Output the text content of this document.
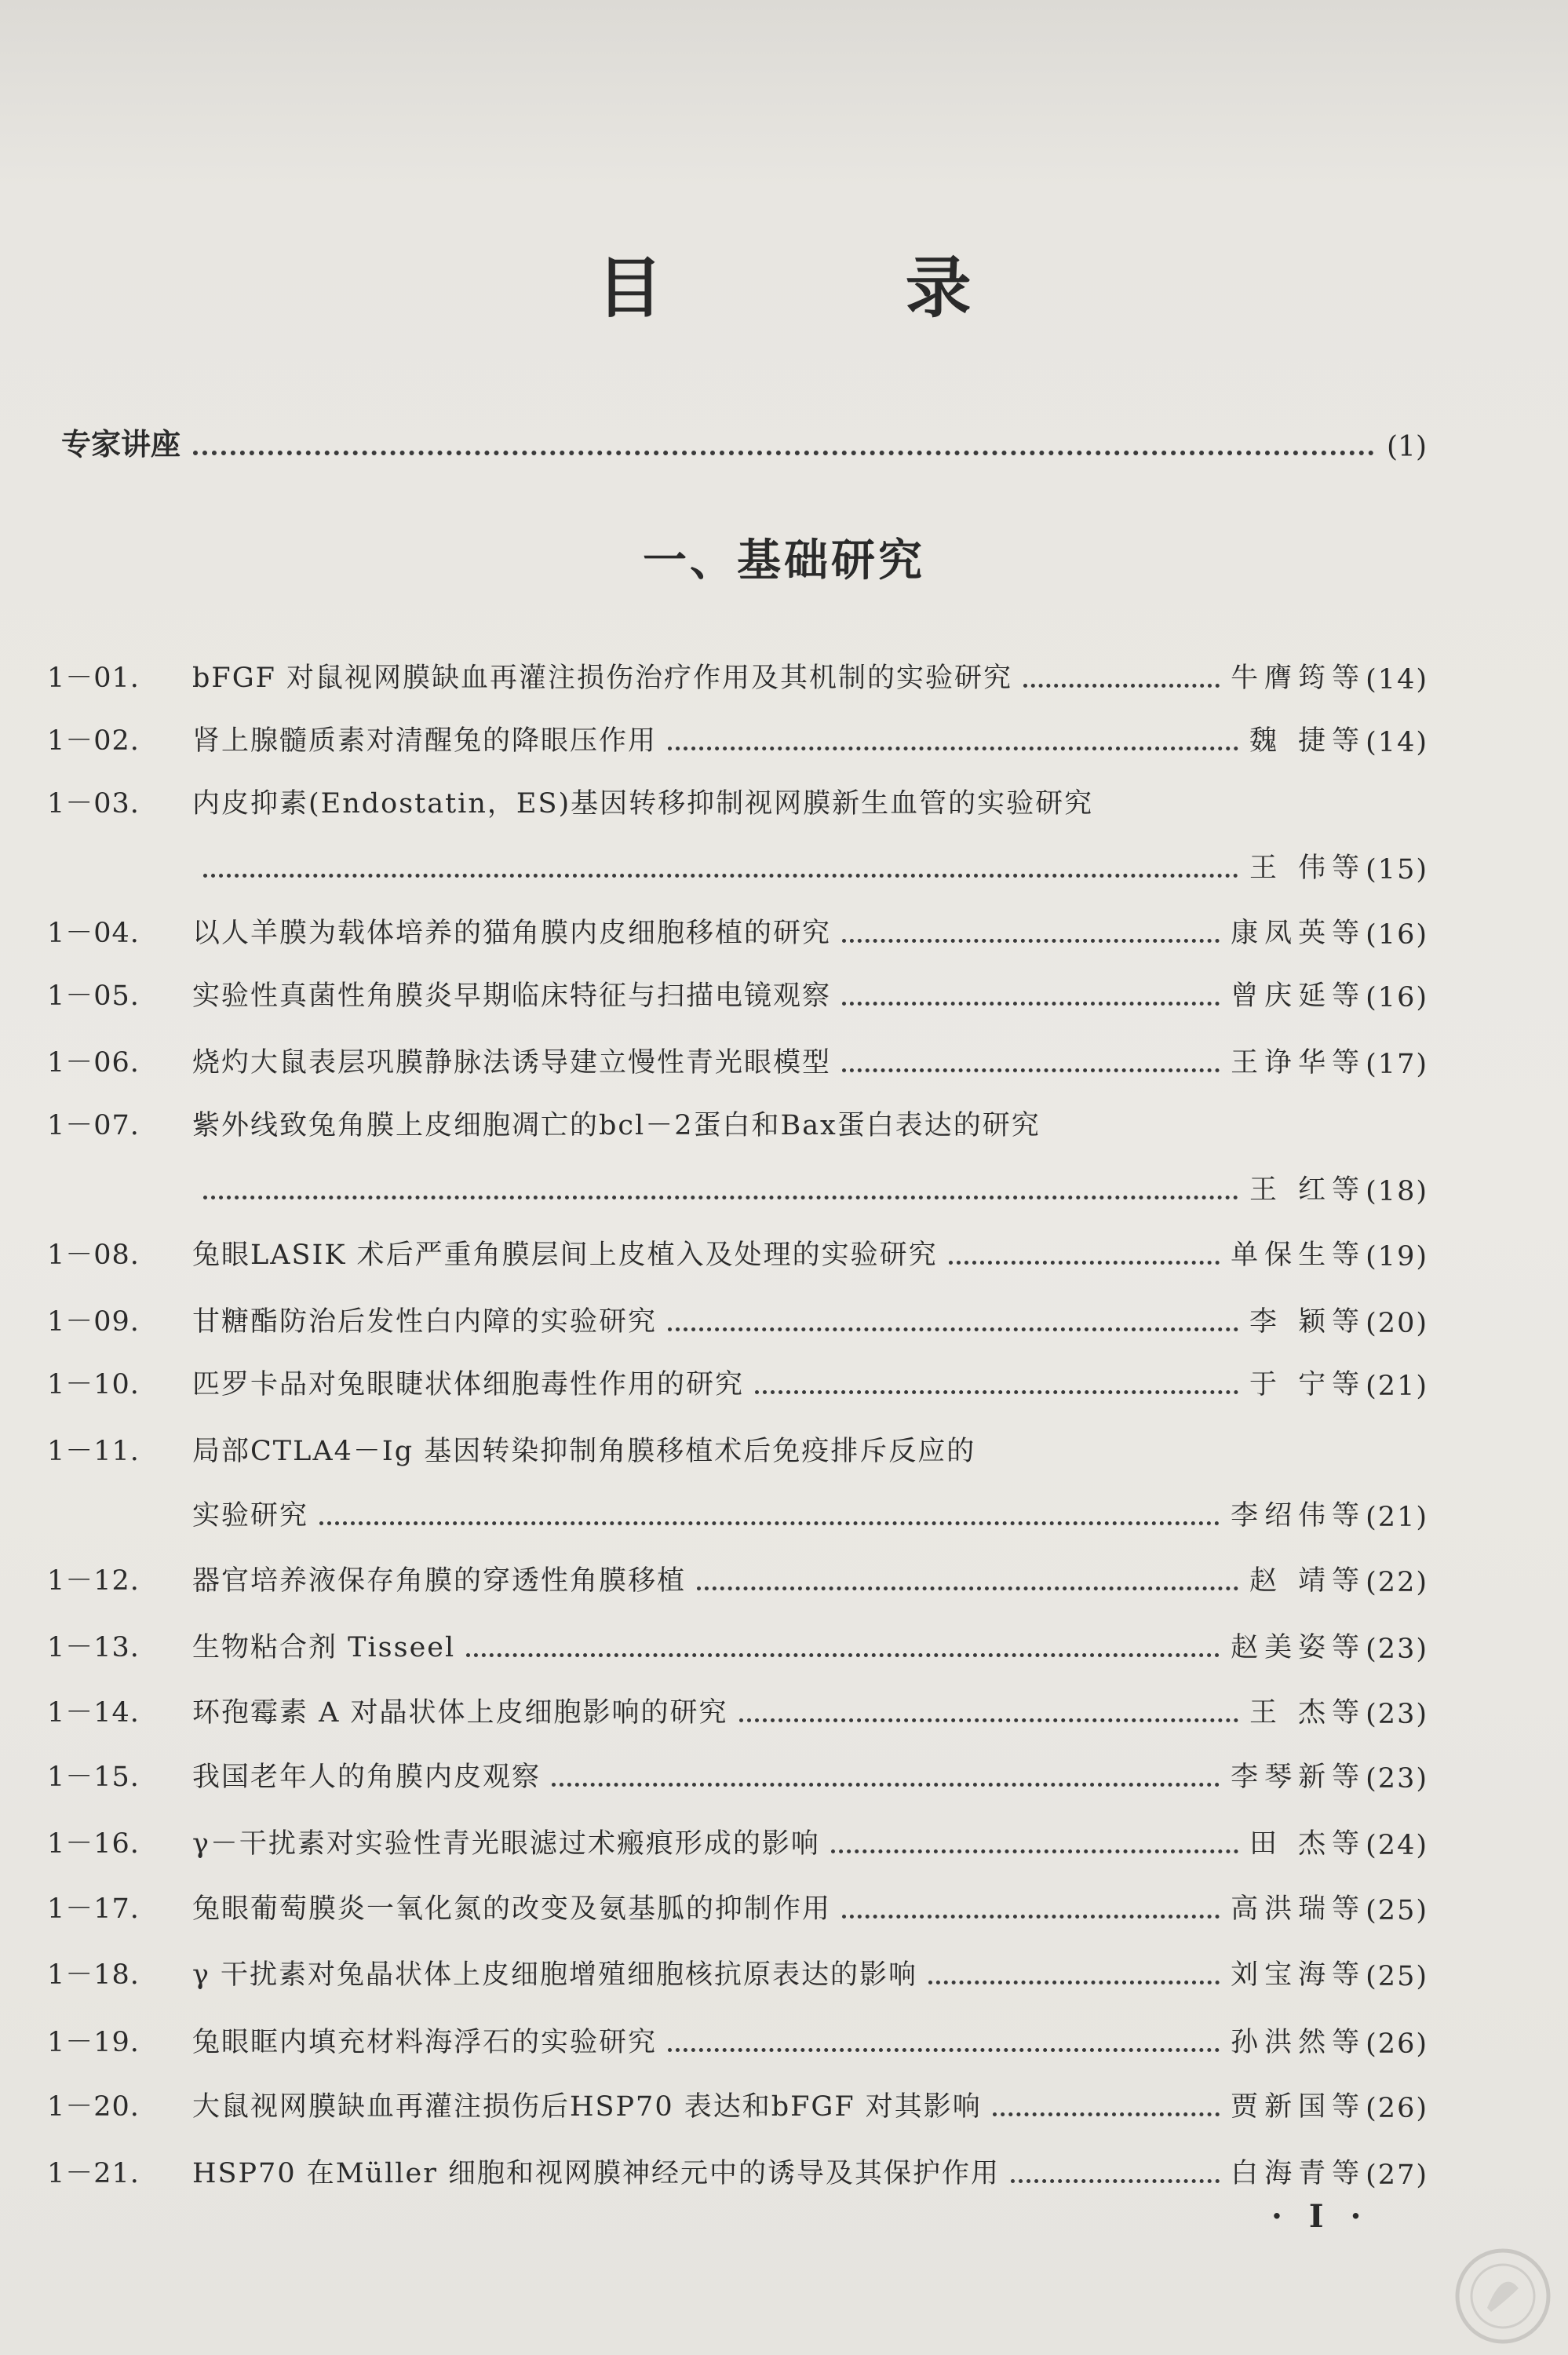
目 录
专家讲座	(1)
一、基础研究
1－01.	bFGF 对鼠视网膜缺血再灌注损伤治疗作用及其机制的实验研究	牛膺筠等 (14)
1－02.	肾上腺髓质素对清醒兔的降眼压作用	魏 捷等 (14)
1－03.	内皮抑素(Endostatin，ES)基因转移抑制视网膜新生血管的实验研究
王 伟等 (15)
1－04.	以人羊膜为载体培养的猫角膜内皮细胞移植的研究	康凤英等 (16)
1－05.	实验性真菌性角膜炎早期临床特征与扫描电镜观察	曾庆延等 (16)
1－06.	烧灼大鼠表层巩膜静脉法诱导建立慢性青光眼模型	王诤华等 (17)
1－07.	紫外线致兔角膜上皮细胞凋亡的bcl－2蛋白和Bax蛋白表达的研究
王 红等 (18)
1－08.	兔眼LASIK 术后严重角膜层间上皮植入及处理的实验研究	单保生等 (19)
1－09.	甘糖酯防治后发性白内障的实验研究	李 颖等 (20)
1－10.	匹罗卡品对兔眼睫状体细胞毒性作用的研究	于 宁等 (21)
1－11.	局部CTLA4－Ig 基因转染抑制角膜移植术后免疫排斥反应的
实验研究	李绍伟等 (21)
1－12.	器官培养液保存角膜的穿透性角膜移植	赵 靖等 (22)
1－13.	生物粘合剂 Tisseel	赵美姿等 (23)
1－14.	环孢霉素 A 对晶状体上皮细胞影响的研究	王 杰等 (23)
1－15.	我国老年人的角膜内皮观察	李琴新等 (23)
1－16.	γ－干扰素对实验性青光眼滤过术瘢痕形成的影响	田 杰等 (24)
1－17.	兔眼葡萄膜炎一氧化氮的改变及氨基胍的抑制作用	高洪瑞等 (25)
1－18.	γ 干扰素对兔晶状体上皮细胞增殖细胞核抗原表达的影响	刘宝海等 (25)
1－19.	兔眼眶内填充材料海浮石的实验研究	孙洪然等 (26)
1－20.	大鼠视网膜缺血再灌注损伤后HSP70 表达和bFGF 对其影响	贾新国等 (26)
1－21.	HSP70 在Müller 细胞和视网膜神经元中的诱导及其保护作用	白海青等 (27)
· I ·
